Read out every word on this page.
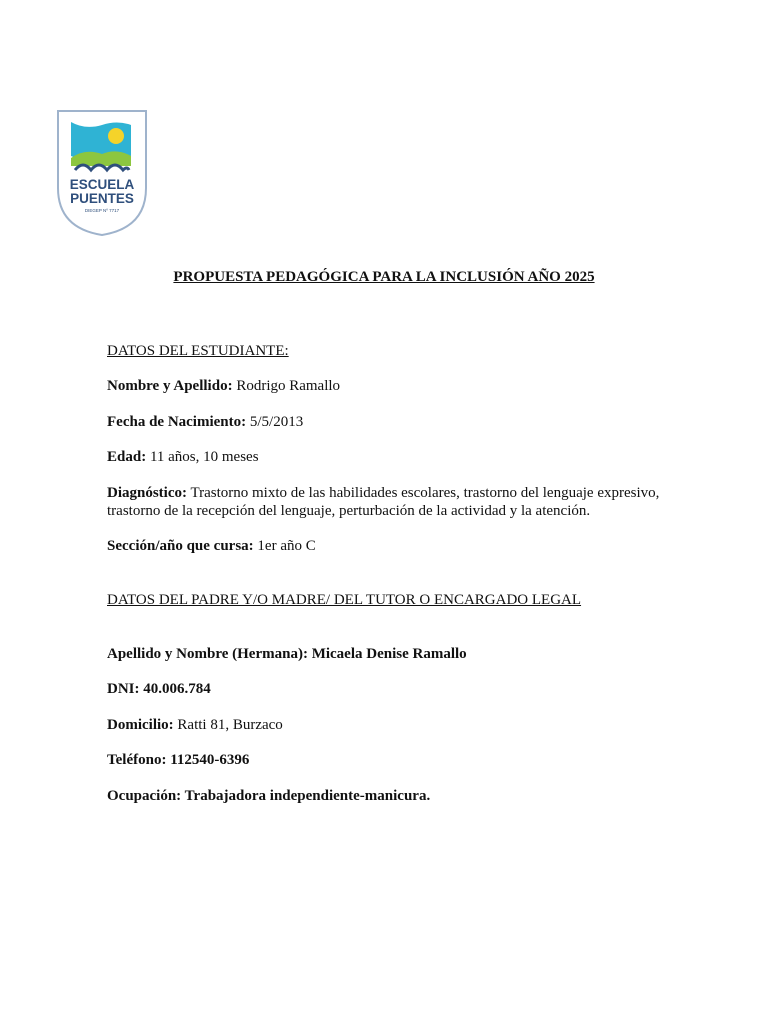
ESCUELA
PUENTES
DIEGEP Nº 7717
PROPUESTA PEDAGÓGICA PARA LA INCLUSIÓN AÑO 2025
DATOS DEL ESTUDIANTE:
Nombre y Apellido: Rodrigo Ramallo
Fecha de Nacimiento: 5/5/2013
Edad: 11 años, 10 meses
Diagnóstico: Trastorno mixto de las habilidades escolares, trastorno del lenguaje expresivo, trastorno de la recepción del lenguaje, perturbación de la actividad y la atención.
Sección/año que cursa: 1er año C
DATOS DEL PADRE Y/O MADRE/ DEL TUTOR O ENCARGADO LEGAL
Apellido y Nombre (Hermana): Micaela Denise Ramallo
DNI: 40.006.784
Domicilio: Ratti 81, Burzaco
Teléfono: 112540-6396
Ocupación: Trabajadora independiente-manicura.
